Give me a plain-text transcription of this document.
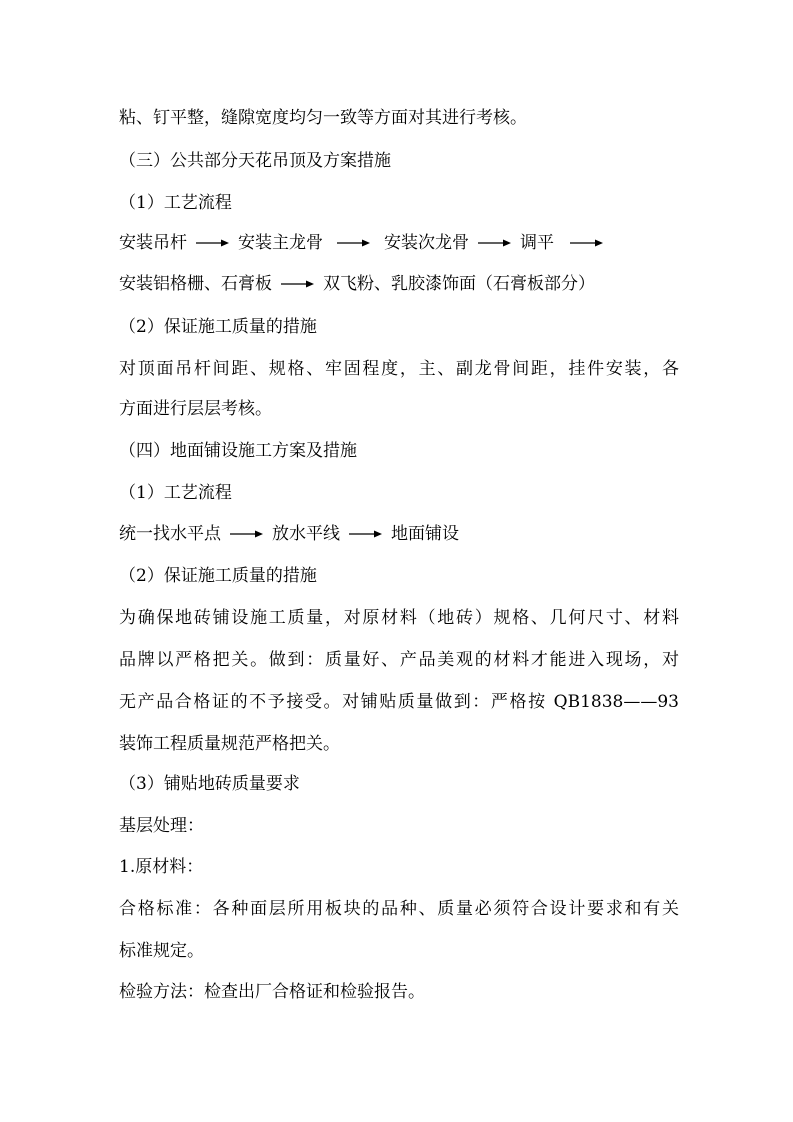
粘、钉平整，缝隙宽度均匀一致等方面对其进行考核。
（三）公共部分天花吊顶及方案措施
（1）工艺流程
安装吊杆	安装主龙骨	安装次龙骨	调平
安装铝格栅、石膏板	双飞粉、乳胶漆饰面（石膏板部分）
（2）保证施工质量的措施
对顶面吊杆间距、规格、牢固程度，主、副龙骨间距，挂件安装，各
方面进行层层考核。
（四）地面铺设施工方案及措施
（1）工艺流程
统一找水平点	放水平线	地面铺设
（2）保证施工质量的措施
为确保地砖铺设施工质量，对原材料（地砖）规格、几何尺寸、材料
品牌以严格把关。做到：质量好、产品美观的材料才能进入现场，对
无产品合格证的不予接受。对铺贴质量做到：严格按 QB1838——93
装饰工程质量规范严格把关。
（3）铺贴地砖质量要求
基层处理：
1.原材料：
合格标准：各种面层所用板块的品种、质量必须符合设计要求和有关
标准规定。
检验方法：检查出厂合格证和检验报告。
